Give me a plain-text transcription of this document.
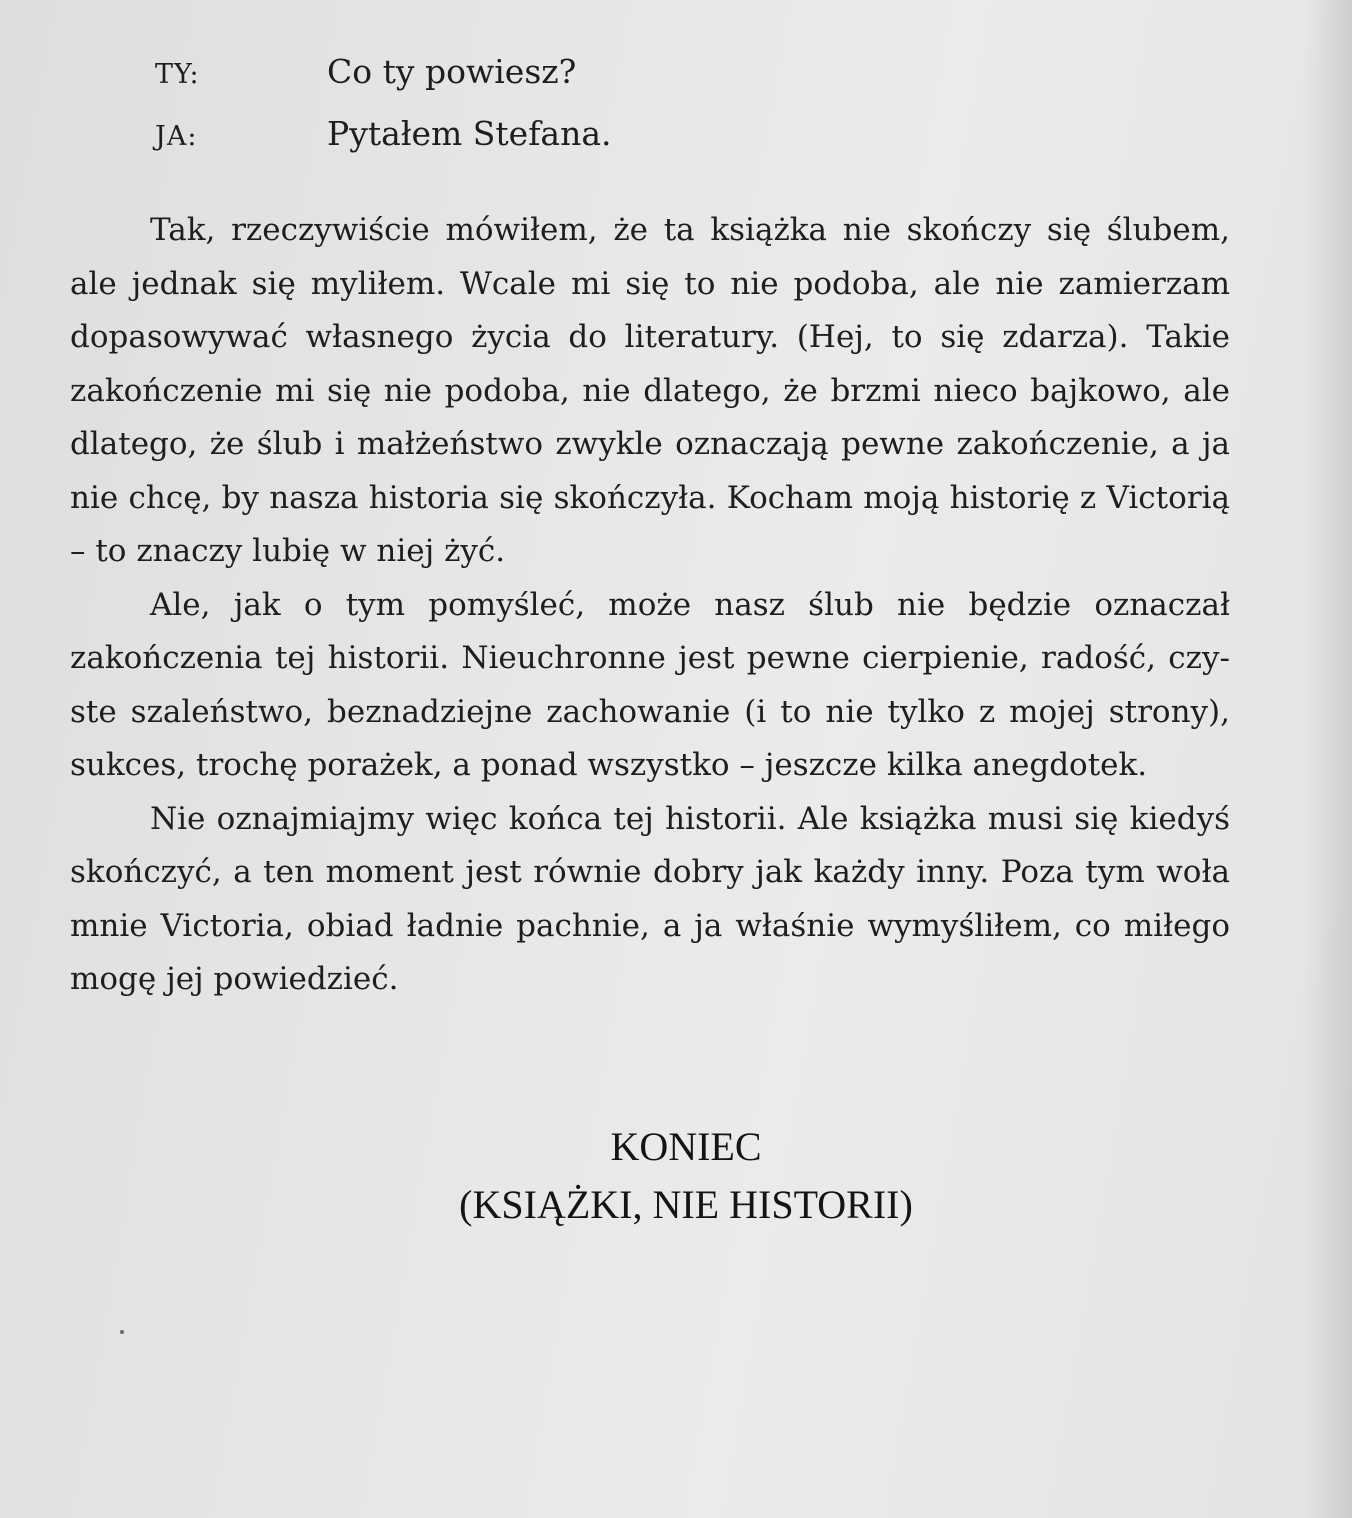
TY:	Co ty powiesz?
JA:	Pytałem Stefana.

Tak, rzeczywiście mówiłem, że ta książka nie skończy się ślubem, ale jednak się myliłem. Wcale mi się to nie podoba, ale nie zamierzam dopasowywać własnego życia do literatury. (Hej, to się zdarza). Takie zakończenie mi się nie podoba, nie dlatego, że brzmi nieco bajkowo, ale dlatego, że ślub i małżeństwo zwykle oznaczają pewne zakończenie, a ja nie chcę, by nasza historia się skończyła. Kocham moją historię z Victorią – to znaczy lubię w niej żyć.

Ale, jak o tym pomyśleć, może nasz ślub nie będzie oznaczał zakończenia tej historii. Nieuchronne jest pewne cierpienie, radość, czyste szaleństwo, beznadziejne zachowanie (i to nie tylko z mojej strony), sukces, trochę porażek, a ponad wszystko – jeszcze kilka anegdotek.

Nie oznajmiajmy więc końca tej historii. Ale książka musi się kiedyś skończyć, a ten moment jest równie dobry jak każdy inny. Poza tym woła mnie Victoria, obiad ładnie pachnie, a ja właśnie wymyśliłem, co miłego mogę jej powiedzieć.

KONIEC
(KSIĄŻKI, NIE HISTORII)
